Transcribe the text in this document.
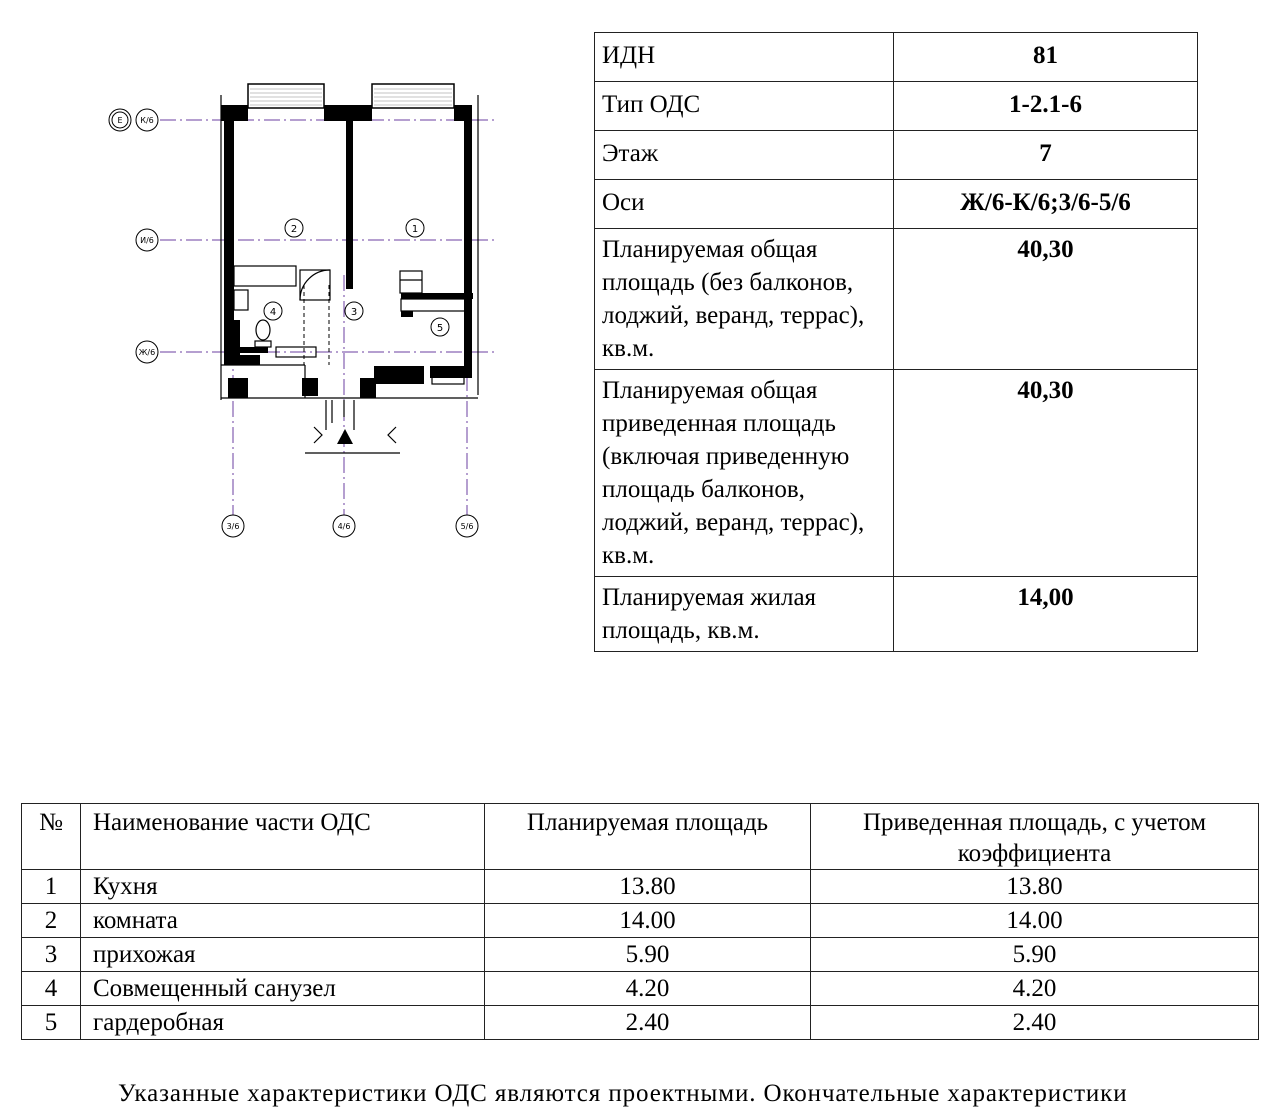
2	1
3
4
5
E К/6
И/6
Ж/6
3/6	4/6	5/6
ИДН	81
Тип ОДС	1-2.1-6
Этаж	7
Оси	Ж/6-К/6;3/6-5/6
Планируемая общая площадь (без балконов, лоджий, веранд, террас), кв.м.	40,30
Планируемая общая приведенная площадь (включая приведенную площадь балконов, лоджий, веранд, террас), кв.м.	40,30
Планируемая жилая площадь, кв.м.	14,00
№	Наименование части ОДС	Планируемая площадь	Приведенная площадь, с учетом коэффициента
1	Кухня	13.80	13.80
2	комната	14.00	14.00
3	прихожая	5.90	5.90
4	Совмещенный санузел	4.20	4.20
5	гардеробная	2.40	2.40
Указанные характеристики ОДС являются проектными. Окончательные характеристики
